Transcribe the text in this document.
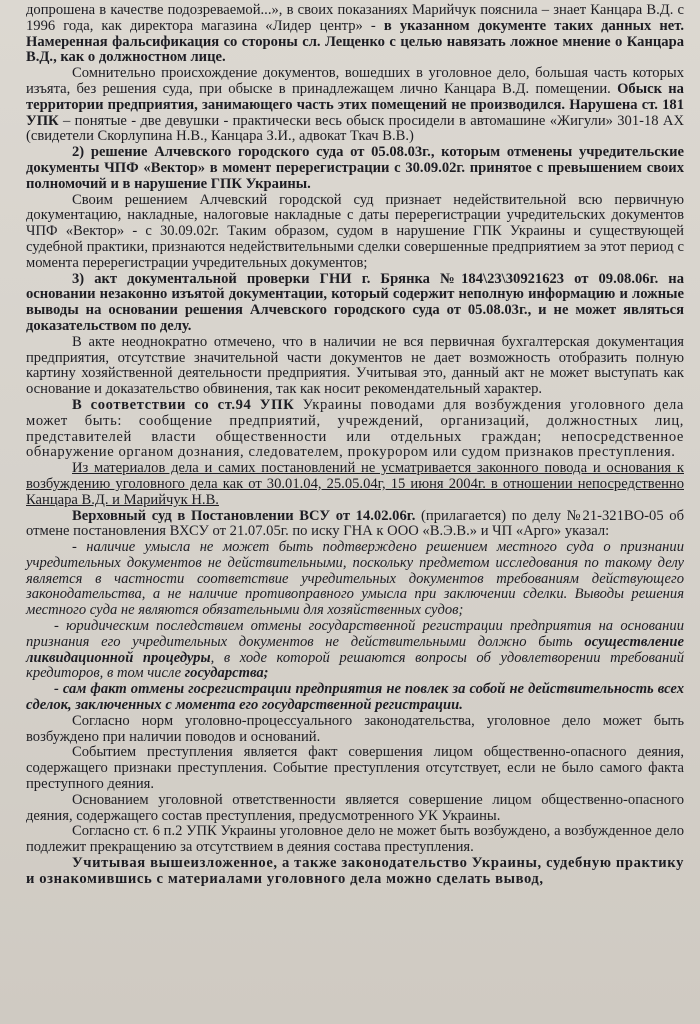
допрошена в качестве подозреваемой...», в своих показаниях Марийчук пояснила – знает Канцара В.Д. с 1996 года, как директора магазина «Лидер центр» - в указанном документе таких данных нет. Намеренная фальсификация со стороны сл. Лещенко с целью навязать ложное мнение о Канцара В.Д., как о должностном лице.

Сомнительно происхождение документов, вошедших в уголовное дело, большая часть которых изъята, без решения суда, при обыске в принадлежащем лично Канцара В.Д. помещении. Обыск на территории предприятия, занимающего часть этих помещений не производился. Нарушена ст. 181 УПК – понятые - две девушки - практически весь обыск просидели в автомашине «Жигули» 301-18 АХ (свидетели Скорлупина Н.В., Канцара З.И., адвокат Ткач В.В.)

2) решение Алчевского городского суда от 05.08.03г., которым отменены учредительские документы ЧПФ «Вектор» в момент перерегистрации с 30.09.02г. принятое с превышением своих полномочий и в нарушение ГПК Украины.

Своим решением Алчевский городской суд признает недействительной всю первичную документацию, накладные, налоговые накладные с даты перерегистрации учредительских документов ЧПФ «Вектор» - с 30.09.02г. Таким образом, судом в нарушение ГПК Украины и существующей судебной практики, признаются недействительными сделки совершенные предприятием за этот период с момента перерегистрации учредительных документов;

3) акт документальной проверки ГНИ г. Брянка №184\23\30921623 от 09.08.06г. на основании незаконно изъятой документации, который содержит неполную информацию и ложные выводы на основании решения Алчевского городского суда от 05.08.03г., и не может являться доказательством по делу.

В акте неоднократно отмечено, что в наличии не вся первичная бухгалтерская документация предприятия, отсутствие значительной части документов не дает возможность отобразить полную картину хозяйственной деятельности предприятия. Учитывая это, данный акт не может выступать как основание и доказательство обвинения, так как носит рекомендательный характер.

В соответствии со ст.94 УПК Украины поводами для возбуждения уголовного дела может быть: сообщение предприятий, учреждений, организаций, должностных лиц, представителей власти общественности или отдельных граждан; непосредственное обнаружение органом дознания, следователем, прокурором или судом признаков преступления.

Из материалов дела и самих постановлений не усматривается законного повода и основания к возбуждению уголовного дела как от 30.01.04, 25.05.04г, 15 июня 2004г. в отношении непосредственно Канцара В.Д. и Марийчук Н.В.

Верховный суд в Постановлении ВСУ от 14.02.06г. (прилагается) по делу №21-321ВО-05 об отмене постановления ВХСУ от 21.07.05г. по иску ГНА к ООО «В.Э.В.» и ЧП «Арго» указал:

- наличие умысла не может быть подтверждено решением местного суда о признании учредительных документов не действительными, поскольку предметом исследования по такому делу является в частности соответствие учредительных документов требованиям действующего законодательства, а не наличие противоправного умысла при заключении сделки. Выводы решения местного суда не являются обязательными для хозяйственных судов;

- юридическим последствием отмены государственной регистрации предприятия на основании признания его учредительных документов не действительными должно быть осуществление ликвидационной процедуры, в ходе которой решаются вопросы об удовлетворении требований кредиторов, в том числе государства;

- сам факт отмены госрегистрации предприятия не повлек за собой не действительность всех сделок, заключенных с момента его государственной регистрации.

Согласно норм уголовно-процессуального законодательства, уголовное дело может быть возбуждено при наличии поводов и оснований.

Событием преступления является факт совершения лицом общественно-опасного деяния, содержащего признаки преступления. Событие преступления отсутствует, если не было самого факта преступного деяния.

Основанием уголовной ответственности является совершение лицом общественно-опасного деяния, содержащего состав преступления, предусмотренного УК Украины.

Согласно ст. 6 п.2 УПК Украины уголовное дело не может быть возбуждено, а возбужденное дело подлежит прекращению за отсутствием в деяния состава преступления.

Учитывая вышеизложенное, а также законодательство Украины, судебную практику и ознакомившись с материалами уголовного дела можно сделать вывод,
